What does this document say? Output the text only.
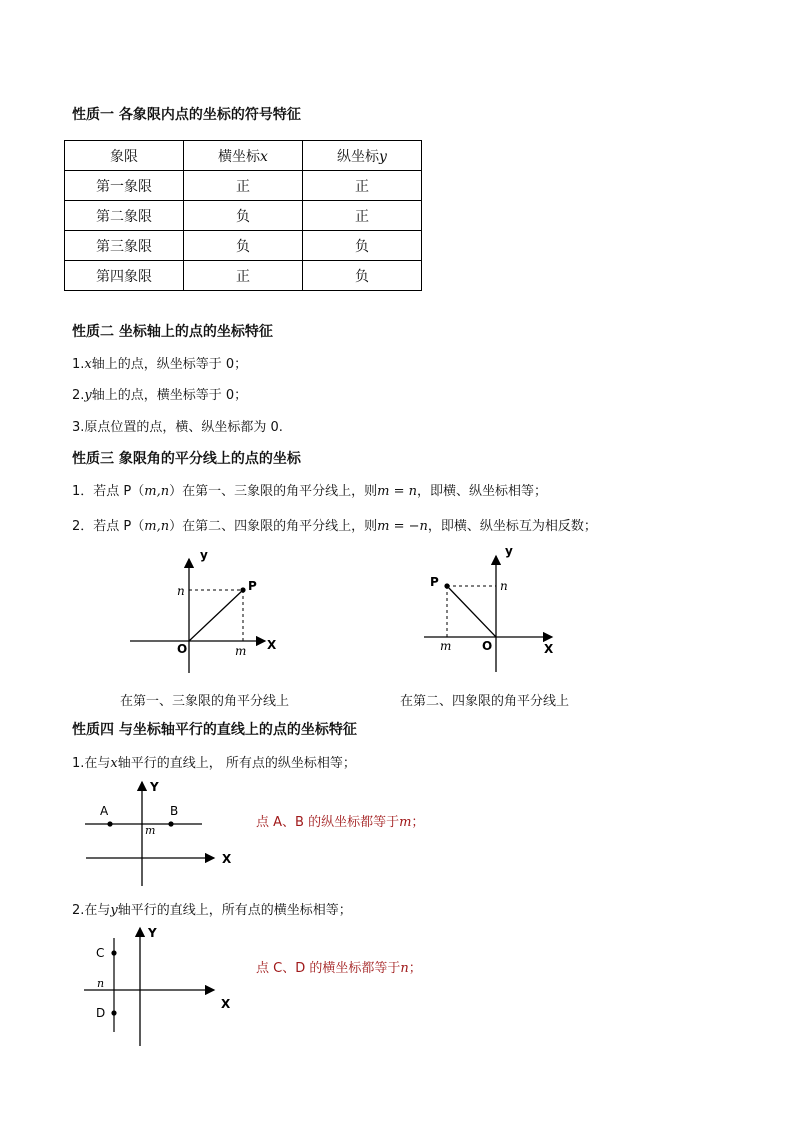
性质一 各象限内点的坐标的符号特征
象限	横坐标x	纵坐标y
第一象限	正	正
第二象限	负	正
第三象限	负	负
第四象限	正	负
性质二 坐标轴上的点的坐标特征
1.x轴上的点，纵坐标等于 0；
2.y轴上的点，横坐标等于 0；
3.原点位置的点，横、纵坐标都为 0.
性质三 象限角的平分线上的点的坐标
1．若点 P（m,n）在第一、三象限的角平分线上，则m = n，即横、纵坐标相等；
2．若点 P（m,n）在第二、四象限的角平分线上，则m = −n，即横、纵坐标互为相反数；
y
X
O
P
n
m
在第一、三象限的角平分线上
y
X
O
P	n
m
在第二、四象限的角平分线上
性质四 与坐标轴平行的直线上的点的坐标特征
1.在与x轴平行的直线上， 所有点的纵坐标相等；
Y
X
A	B
m
点 A、B 的纵坐标都等于m；
2.在与y轴平行的直线上，所有点的横坐标相等；
Y
X
C
D
n
点 C、D 的横坐标都等于n；
